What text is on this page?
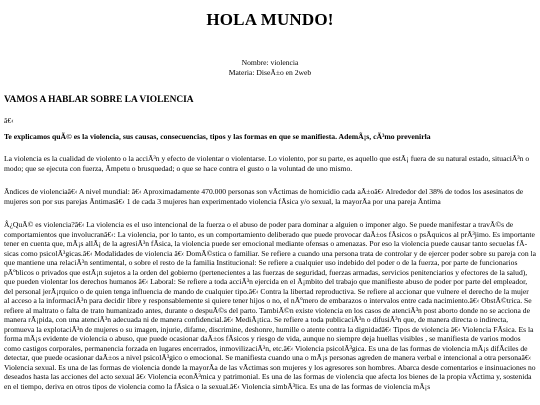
HOLA MUNDO!
Nombre: violencia
Materia: DiseÃ±o en 2web
VAMOS A HABLAR SOBRE LA VIOLENCIA

â€‹

Te explicamos quÃ© es la violencia, sus causas, consecuencias, tipos y las formas en que se manifiesta. AdemÃ¡s, cÃ³mo prevenirla

La violencia es la cualidad de violento o la acciÃ³n y efecto de violentar o violentarse. Lo violento, por su parte, es aquello que estÃ¡ fuera de su natural estado, situaciÃ³n o modo; que se ejecuta con fuerza, Ãmpetu o brusquedad; o que se hace contra el gusto o la voluntad de uno mismo.

Ãndices de violenciaâ€‹ A nivel mundial: â€‹ Aproximadamente 470.000 personas son vÃctimas de homicidio cada aÃ±oâ€‹ Alrededor del 38% de todos los asesinatos de mujeres son por sus parejas Ãntimasâ€‹ 1 de cada 3 mujeres han experimentado violencia fÃsica y/o sexual, la mayorÃa por una pareja Ãntima

Â¿QuÃ© es violencia?â€‹ La violencia es el uso intencional de la fuerza o el abuso de poder para dominar a alguien o imponer algo. Se puede manifestar a travÃ©s de comportamientos que involucranâ€‹: La violencia, por lo tanto, es un comportamiento deliberado que puede provocar daÃ±os fÃsicos o psÃquicos al prÃ³jimo. Es importante tener en cuenta que, mÃ¡s allÃ¡ de la agresiÃ³n fÃsica, la violencia puede ser emocional mediante ofensas o amenazas. Por eso la violencia puede causar tanto secuelas fÃsicas como psicolÃ³gicas.â€‹ Modalidades de violencia â€‹ DomÃ©stica o familiar. Se refiere a cuando una persona trata de controlar y de ejercer poder sobre su pareja con la que mantiene una relaciÃ³n sentimental, o sobre el resto de la familia Institucional: Se refiere a cualquier uso indebido del poder o de la fuerza, por parte de funcionarios pÃºblicos o privados que estÃ¡n sujetos a la orden del gobierno (pertenecientes a las fuerzas de seguridad, fuerzas armadas, servicios penitenciarios y efectores de la salud), que pueden violentar los derechos humanos â€‹ Laboral: Se refiere a toda acciÃ³n ejercida en el Ã¡mbito del trabajo que manifieste abuso de poder por parte del empleador, del personal jerÃ¡rquico o de quien tenga influencia de mando de cualquier tipo.â€‹ Contra la libertad reproductiva. Se refiere al accionar que vulnere el derecho de la mujer al acceso a la informaciÃ³n para decidir libre y responsablemente si quiere tener hijos o no, el nÃºmero de embarazos o intervalos entre cada nacimiento.â€‹ ObstÃ©trica. Se refiere al maltrato o falta de trato humanizado antes, durante o despuÃ©s del parto. TambiÃ©n existe violencia en los casos de atenciÃ³n post aborto donde no se acciona de manera rÃ¡pida, con una atenciÃ³n adecuada ni de manera confidencial.â€‹ MediÃ¡tica. Se refiere a toda publicaciÃ³n o difusiÃ³n que, de manera directa o indirecta, promueva la explotaciÃ³n de mujeres o su imagen, injurie, difame, discrimine, deshonre, humille o atente contra la dignidadâ€‹ Tipos de violencia â€‹ Violencia FÃsica. Es la forma mÃ¡s evidente de violencia o abuso, que puede ocasionar daÃ±os fÃsicos y riesgo de vida, aunque no siempre deja huellas visibles , se manifiesta de varios modos como castigos corporales, permanencia forzada en lugares encerrados, inmovilizaciÃ³n, etc.â€‹ Violencia psicolÃ³gica. Es una de las formas de violencia mÃ¡s difÃciles de detectar, que puede ocasionar daÃ±os a nivel psicolÃ³gico o emocional. Se manifiesta cuando una o mÃ¡s personas agreden de manera verbal e intencional a otra personaâ€‹ Violencia sexual. Es una de las formas de violencia donde la mayorÃa de las vÃctimas son mujeres y los agresores son hombres. Abarca desde comentarios e insinuaciones no deseados hasta las acciones del acto sexual â€‹ Violencia econÃ³mica y patrimonial. Es una de las formas de violencia que afecta los bienes de la propia vÃctima y, sostenida en el tiempo, deriva en otros tipos de violencia como la fÃsica o la sexual.â€‹ Violencia simbÃ³lica. Es una de las formas de violencia mÃ¡s
